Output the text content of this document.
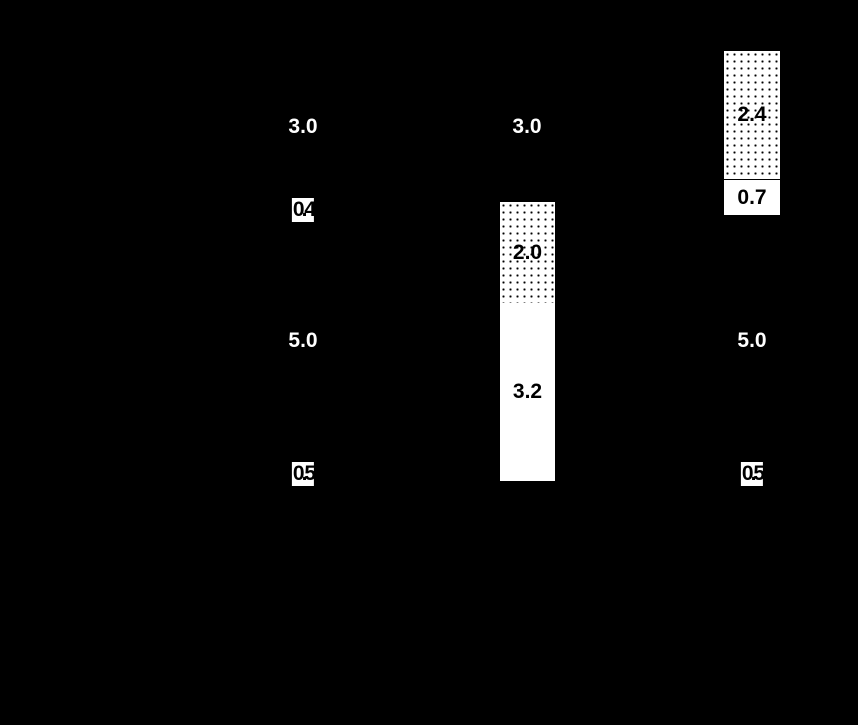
2.0
3.2
2.4
0.7
3.0	3.0
5.0	5.0
0.4
0.5	0.5
